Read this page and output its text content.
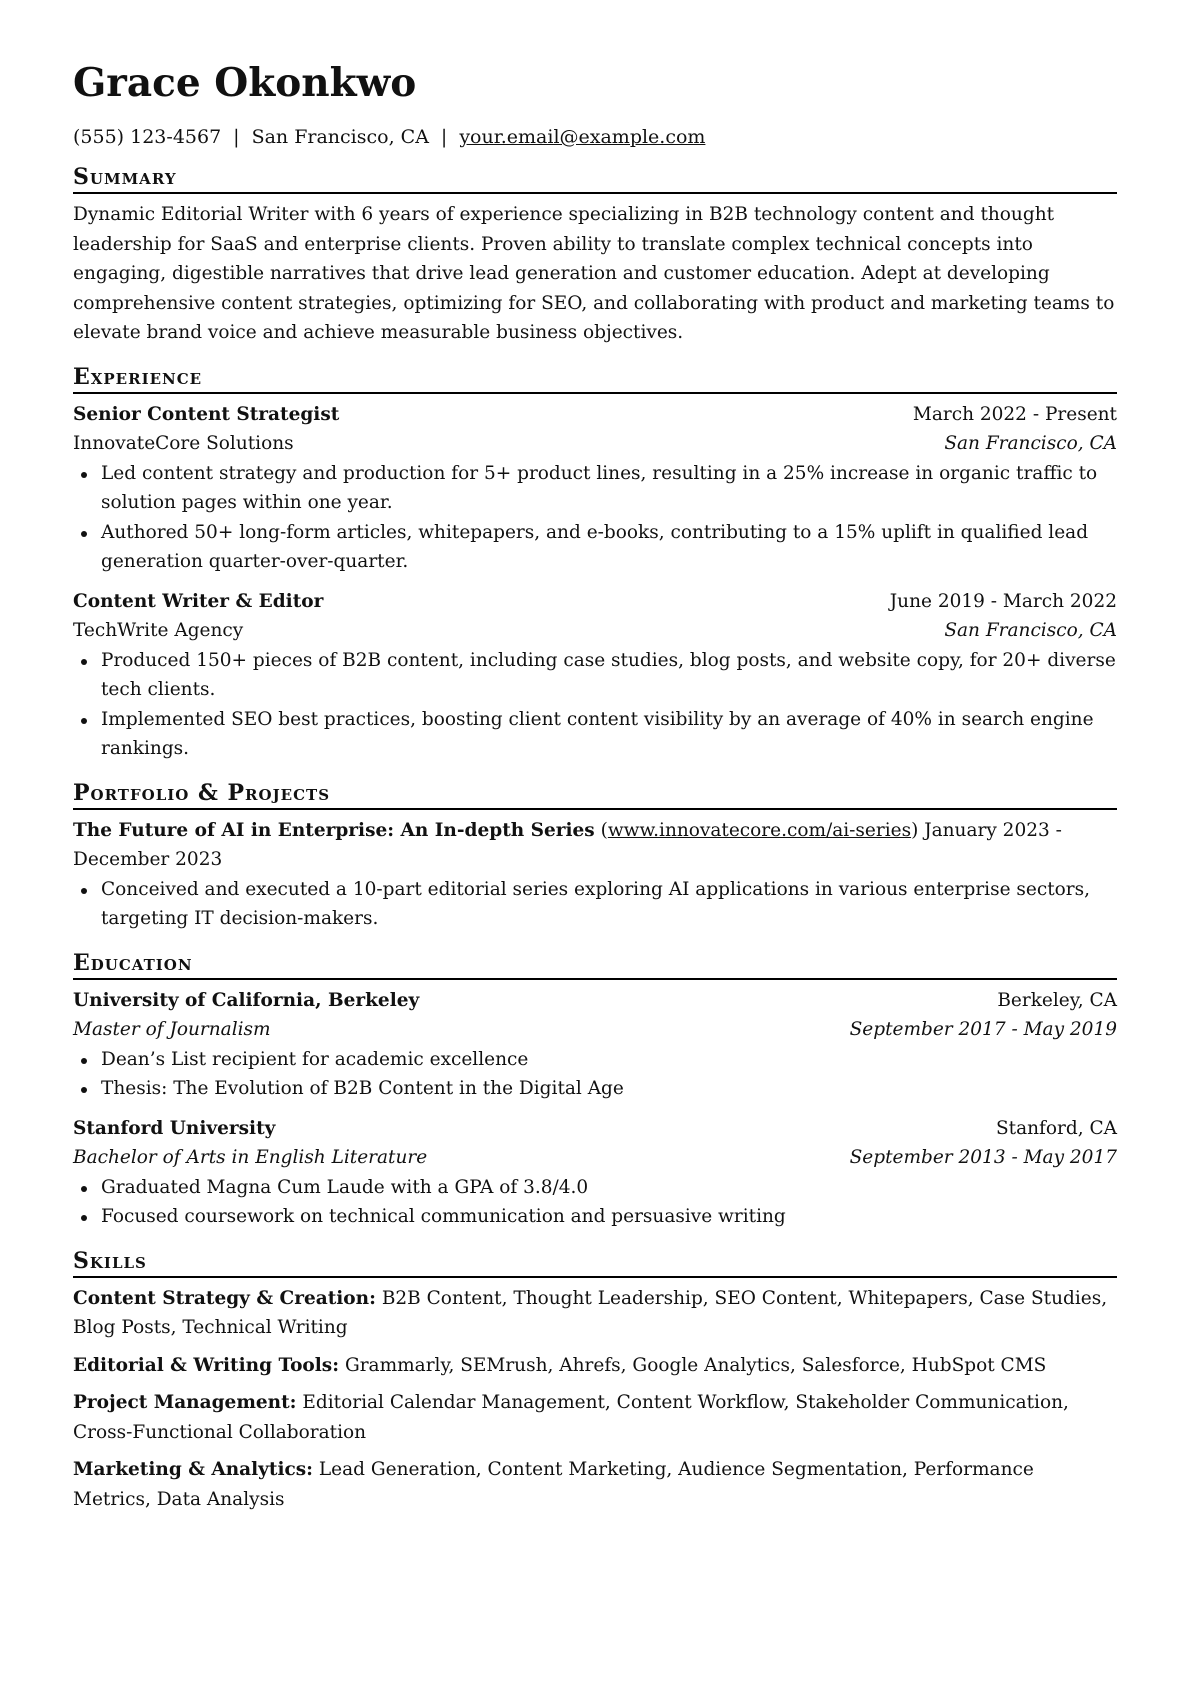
Grace Okonkwo
(555) 123-4567 | San Francisco, CA | your.email@example.com
Summary
Dynamic Editorial Writer with 6 years of experience specializing in B2B technology content and thought leadership for SaaS and enterprise clients. Proven ability to translate complex technical concepts into engaging, digestible narratives that drive lead generation and customer education. Adept at developing comprehensive content strategies, optimizing for SEO, and collaborating with product and marketing teams to elevate brand voice and achieve measurable business objectives.
Experience
Senior Content Strategist	March 2022 - Present
InnovateCore Solutions	San Francisco, CA
Led content strategy and production for 5+ product lines, resulting in a 25% increase in organic traffic to solution pages within one year.
Authored 50+ long-form articles, whitepapers, and e-books, contributing to a 15% uplift in qualified lead generation quarter-over-quarter.
Content Writer & Editor	June 2019 - March 2022
TechWrite Agency	San Francisco, CA
Produced 150+ pieces of B2B content, including case studies, blog posts, and website copy, for 20+ diverse tech clients.
Implemented SEO best practices, boosting client content visibility by an average of 40% in search engine rankings.
Portfolio & Projects
The Future of AI in Enterprise: An In-depth Series (www.innovatecore.com/ai-series) January 2023 - December 2023
Conceived and executed a 10-part editorial series exploring AI applications in various enterprise sectors, targeting IT decision-makers.
Education
University of California, Berkeley	Berkeley, CA
Master of Journalism	September 2017 - May 2019
Dean’s List recipient for academic excellence
Thesis: The Evolution of B2B Content in the Digital Age
Stanford University	Stanford, CA
Bachelor of Arts in English Literature	September 2013 - May 2017
Graduated Magna Cum Laude with a GPA of 3.8/4.0
Focused coursework on technical communication and persuasive writing
Skills
Content Strategy & Creation: B2B Content, Thought Leadership, SEO Content, Whitepapers, Case Studies, Blog Posts, Technical Writing
Editorial & Writing Tools: Grammarly, SEMrush, Ahrefs, Google Analytics, Salesforce, HubSpot CMS
Project Management: Editorial Calendar Management, Content Workflow, Stakeholder Communication, Cross-Functional Collaboration
Marketing & Analytics: Lead Generation, Content Marketing, Audience Segmentation, Performance Metrics, Data Analysis
